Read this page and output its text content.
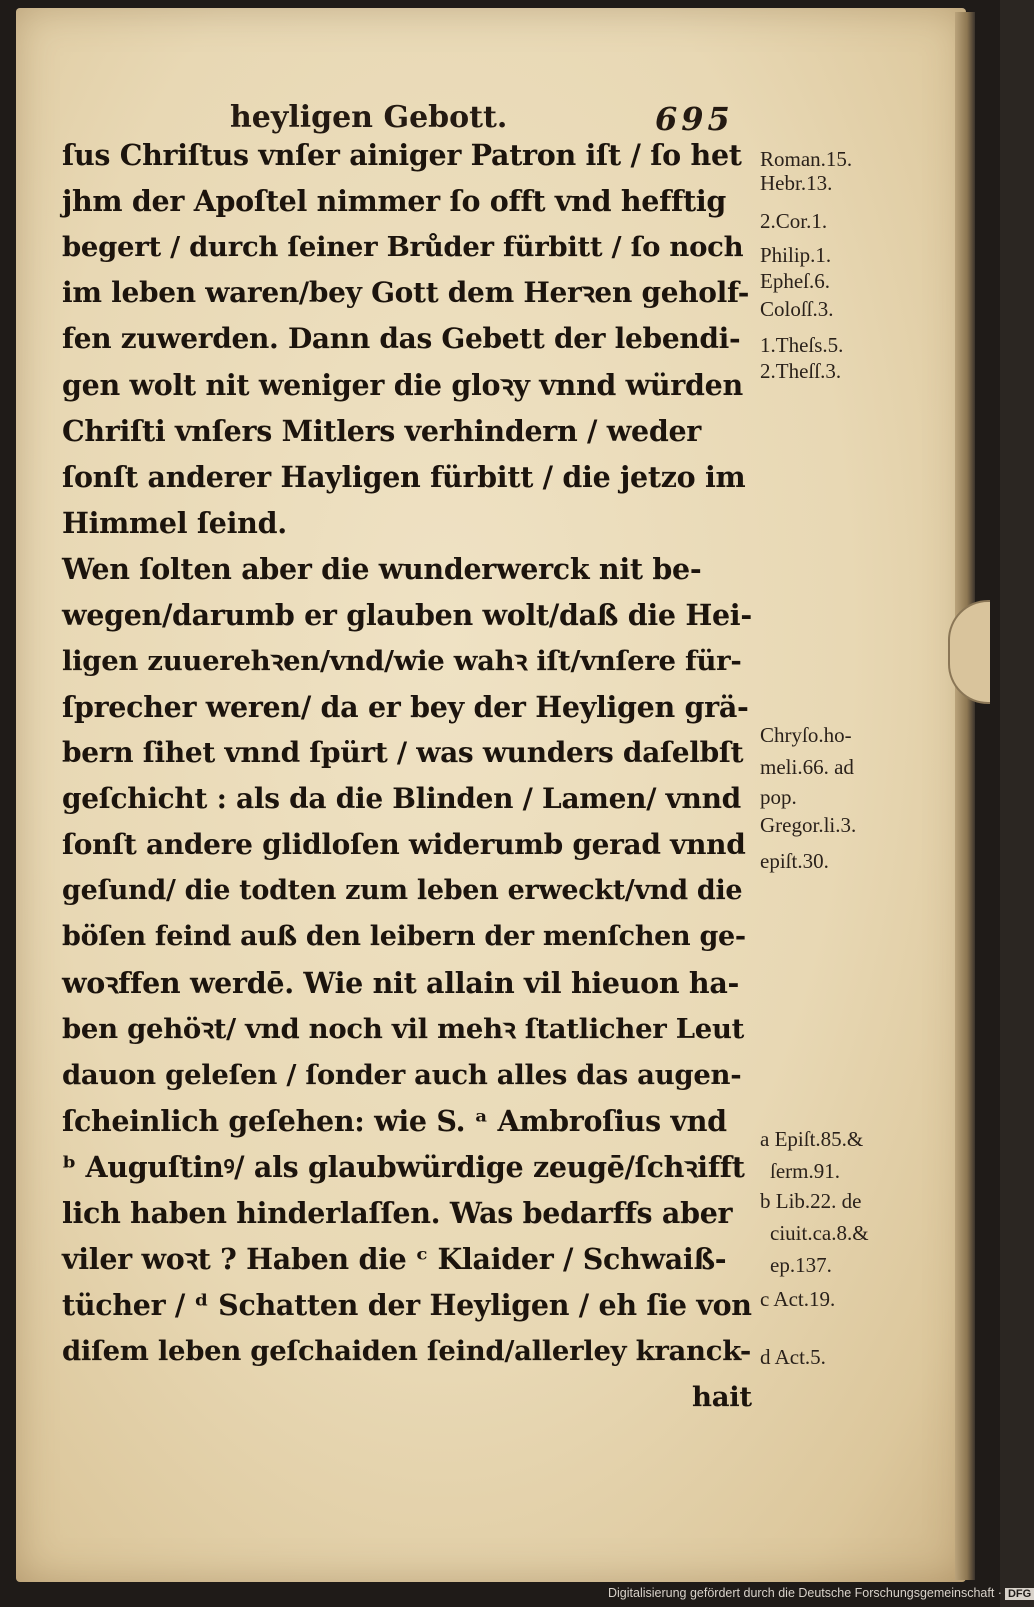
heyligen Gebott.	695
ſus Chriſtus vnſer ainiger Patron iſt / ſo het
jhm der Apoſtel nimmer ſo offt vnd hefftig
begert / durch ſeiner Brůder fürbitt / ſo noch
im leben waren/bey Gott dem Herꝛen geholf-
fen zuwerden. Dann das Gebett der lebendi-
gen wolt nit weniger die gloꝛy vnnd würden
Chriſti vnſers Mitlers verhindern / weder
ſonſt anderer Hayligen fürbitt / die jetzo im
Himmel ſeind.
Wen ſolten aber die wunderwerck nit be-
wegen/darumb er glauben wolt/daß die Hei-
ligen zuuerehꝛen/vnd/wie wahꝛ iſt/vnſere für-
ſprecher weren/ da er bey der Heyligen grä-
bern ſihet vnnd ſpürt / was wunders daſelbſt
geſchicht : als da die Blinden / Lamen/ vnnd
ſonſt andere glidloſen widerumb gerad vnnd
geſund/ die todten zum leben erweckt/vnd die
böſen feind auß den leibern der menſchen ge-
woꝛffen werdē. Wie nit allain vil hieuon ha-
ben gehöꝛt/ vnd noch vil mehꝛ ſtatlicher Leut
dauon geleſen / ſonder auch alles das augen-
ſcheinlich geſehen: wie S. ᵃ Ambroſius vnd
ᵇ Auguſtinꝰ/ als glaubwürdige zeugē/ſchꝛifft
lich haben hinderlaſſen. Was bedarffs aber
viler woꝛt ? Haben die ᶜ Klaider / Schwaiß-
tücher / ᵈ Schatten der Heyligen / eh ſie von
diſem leben geſchaiden ſeind/allerley kranck-
hait
Roman.15.
Hebr.13.
2.Cor.1.
Philip.1.
Epheſ.6.
Coloſſ.3.
1.Theſs.5.
2.Theſſ.3.
Chryſo.ho-
meli.66. ad
pop.
Gregor.li.3.
epiſt.30.
a Epiſt.85.&
ſerm.91.
b Lib.22. de
ciuit.ca.8.&
ep.137.
c Act.19.
d Act.5.
Digitalisierung gefördert durch die Deutsche Forschungsgemeinschaft · DFG
